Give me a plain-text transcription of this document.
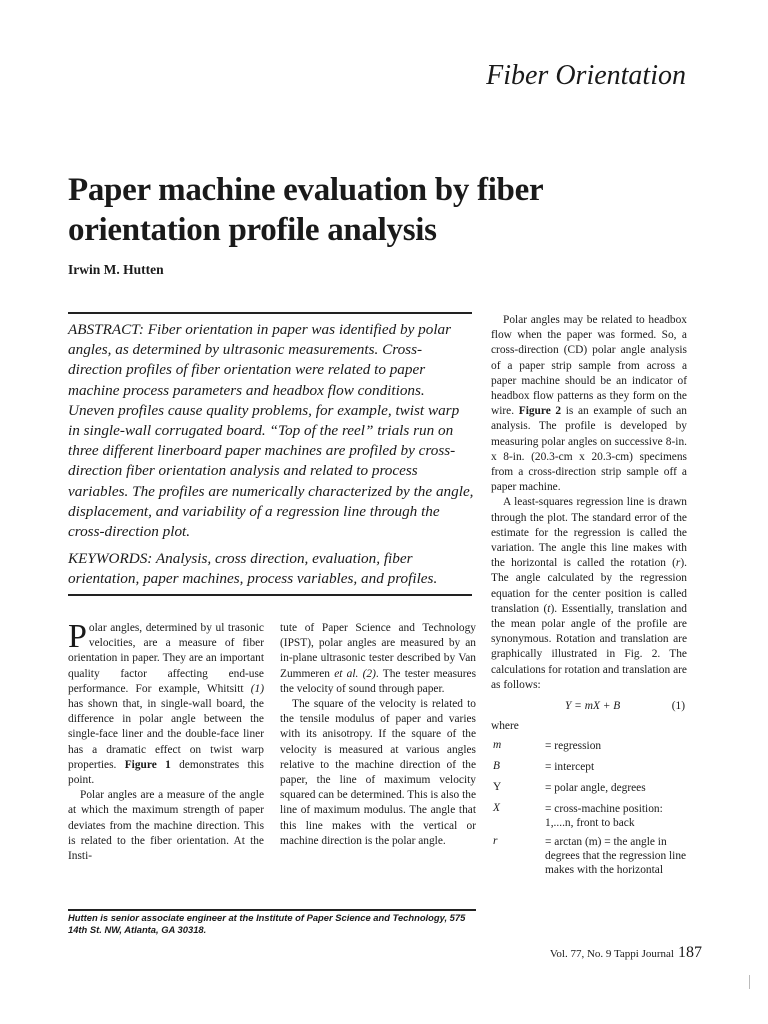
Fiber Orientation
Paper machine evaluation by fiber orientation profile analysis
Irwin M. Hutten

ABSTRACT: Fiber orientation in paper was identified by polar angles, as determined by ultrasonic measurements. Cross-direction profiles of fiber orientation were related to paper machine process parameters and headbox flow conditions. Uneven profiles cause quality problems, for example, twist warp in single-wall corrugated board. “Top of the reel” trials run on three different linerboard paper machines are profiled by cross-direction fiber orientation analysis and related to process variables. The profiles are numerically characterized by the angle, displacement, and variability of a regression line through the cross-direction plot.

KEYWORDS: Analysis, cross direction, evaluation, fiber orientation, paper machines, process variables, and profiles.

Polar angles, determined by ul trasonic velocities, are a measure of fiber orientation in paper. They are an important quality factor affecting end-use performance. For example, Whitsitt (1) has shown that, in single-wall board, the difference in polar angle between the single-face liner and the double-face liner has a dramatic effect on twist warp properties. Figure 1 demonstrates this point.

Polar angles are a measure of the angle at which the maximum strength of paper deviates from the machine direction. This is related to the fiber orientation. At the Insti-

tute of Paper Science and Technology (IPST), polar angles are measured by an in-plane ultrasonic tester described by Van Zummeren et al. (2). The tester measures the velocity of sound through paper.

The square of the velocity is related to the tensile modulus of paper and varies with its anisotropy. If the square of the velocity is measured at various angles relative to the machine direction of the paper, the line of maximum velocity squared can be determined. This is also the line of maximum modulus. The angle that this line makes with the vertical or machine direction is the polar angle.

Polar angles may be related to headbox flow when the paper was formed. So, a cross-direction (CD) polar angle analysis of a paper strip sample from across a paper machine should be an indicator of headbox flow patterns as they form on the wire. Figure 2 is an example of such an analysis. The profile is developed by measuring polar angles on successive 8-in. x 8-in. (20.3-cm x 20.3-cm) specimens from a cross-direction strip sample off a paper machine.

A least-squares regression line is drawn through the plot. The standard error of the estimate for the regression is called the variation. The angle this line makes with the horizontal is called the rotation (r). The angle calculated by the regression equation for the center position is called translation (t). Essentially, translation and the mean polar angle of the profile are synonymous. Rotation and translation are graphically illustrated in Fig. 2. The calculations for rotation and translation are as follows:

Y = mX + B	(1)
where
m	= regression
B	= intercept
Y	= polar angle, degrees
X	= cross-machine position: 1,....n, front to back
r	= arctan (m) = the angle in degrees that the regression line makes with the horizontal
Hutten is senior associate engineer at the Institute of Paper Science and Technology, 575 14th St. NW, Atlanta, GA 30318.
Vol. 77, No. 9 Tappi Journal 187
